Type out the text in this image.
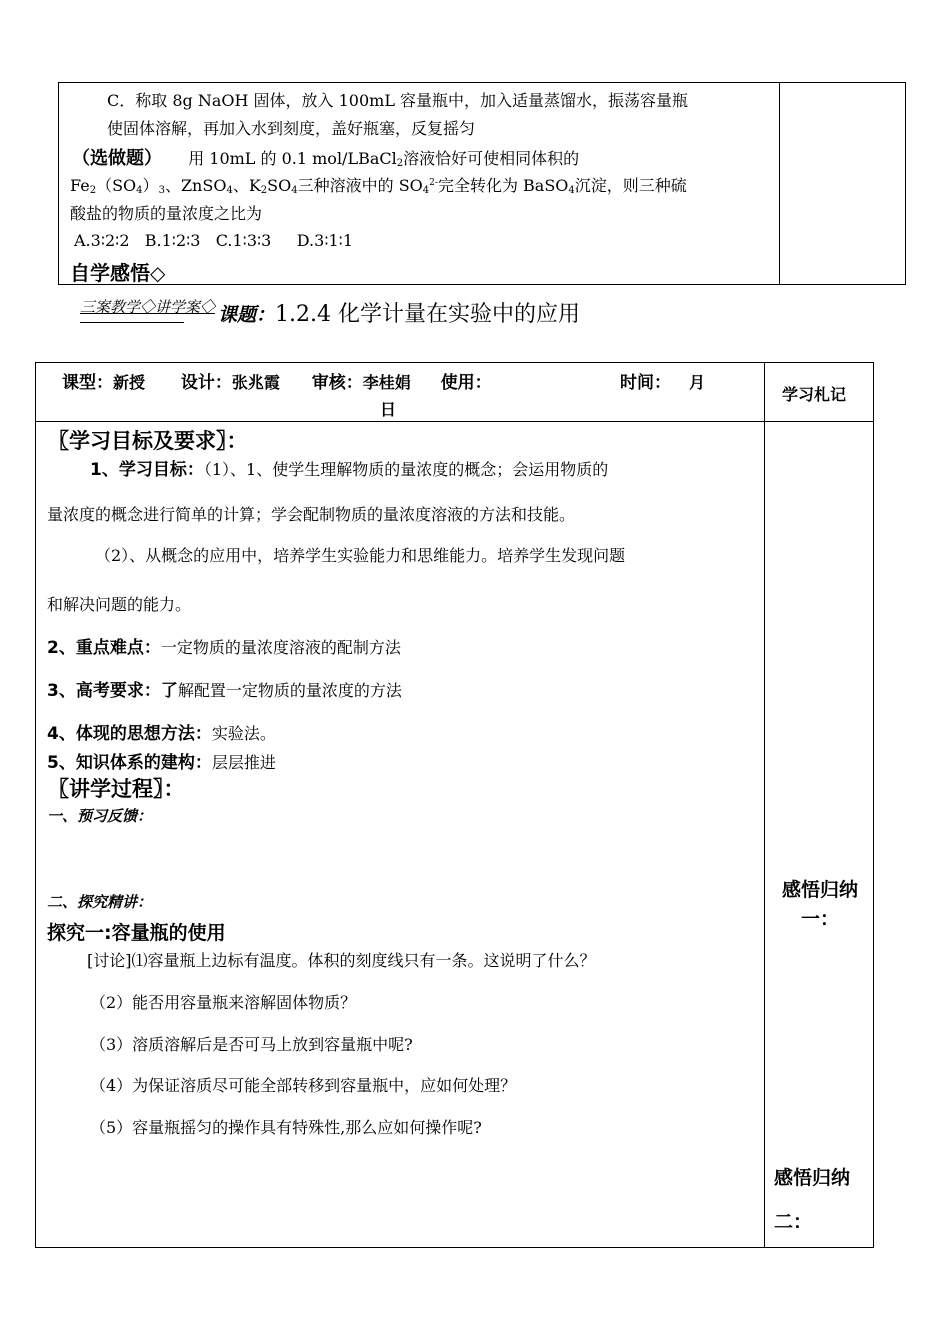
C．称取 8g NaOH 固体，放入 100mL 容量瓶中，加入适量蒸馏水，振荡容量瓶
使固体溶解，再加入水到刻度，盖好瓶塞，反复摇匀
（选做题） 用 10mL 的 0.1 mol/LBaCl$_2$溶液恰好可使相同体积的
$Fe_2(SO_4)_3$、ZnSO$_4$、$K_2SO_4$三种溶液中的 $SO_4^{2-}$完全转化为 BaSO$_4$沉淀，则三种硫
酸盐的物质的量浓度之比为
A.3∶2∶2   B.1∶2∶3   C.1∶3∶3     D.3∶1∶1
自学感悟◇
三案教学◇讲学案◇ 课题：1.2.4 化学计量在实验中的应用
课型：新授 设计：张兆霞 审核：李桂娟 使用：	时间： 月
日
学习札记
〖学习目标及要求〗：
1、学习目标：（1）、1、使学生理解物质的量浓度的概念；会运用物质的
量浓度的概念进行简单的计算；学会配制物质的量浓度溶液的方法和技能。
（2）、从概念的应用中，培养学生实验能力和思维能力。培养学生发现问题
和解决问题的能力。
2、重点难点：一定物质的量浓度溶液的配制方法
3、高考要求：了解配置一定物质的量浓度的方法
4、体现的思想方法：实验法。
5、知识体系的建构：层层推进
〖讲学过程〗：
一、预习反馈：
二、探究精讲：
探究一:容量瓶的使用
[讨论]⑴容量瓶上边标有温度。体积的刻度线只有一条。这说明了什么？
（2）能否用容量瓶来溶解固体物质？
（3）溶质溶解后是否可马上放到容量瓶中呢?
（4）为保证溶质尽可能全部转移到容量瓶中，应如何处理？
（5）容量瓶摇匀的操作具有特殊性,那么应如何操作呢?
感悟归纳一：
感悟归纳
二：
